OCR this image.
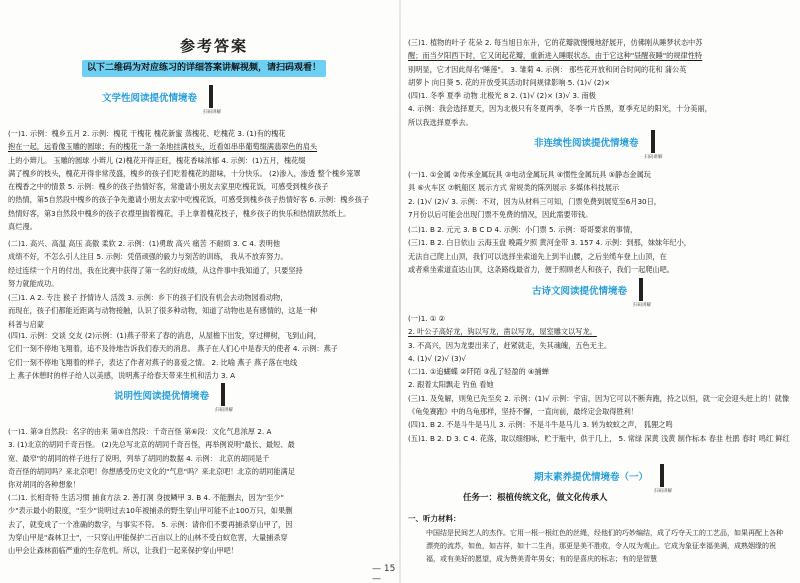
参考答案
以下二维码为对应练习的详细答案讲解视频，请扫码观看！
文学性阅读提优情境卷
扫码讲解

(一)1. 示例：槐乡五月 2. 示例：槐花 干槐花 槐花新蜜 蒸槐花、吃槐花 3. (1)有的槐花

抱在一起，远看像玉雕的圆球；有的槐花一条一条地挂满枝头，近看如串串葡萄缀满翡翠色的肩头

上的小辫儿。 玉雕的圆球 小辫儿 (2)槐花开得正旺，槐花香味浓郁 4. 示例：(1)五月，槐花缀

满了槐乡的枝头，槐花开得非常茂盛，槐乡的孩子们吃着槐花的甜味，十分快乐。 (2)渗入，渗透 整个槐乡笼罩

在槐香之中的情景 5. 示例：槐乡的孩子热情好客，常邀请小朋友去家里吃槐花饭，可感受到槐乡孩子

的热情，第5自然段中槐乡的孩子争先邀请小朋友去家中吃槐花饭，可感受到槐乡孩子热情好客 6. 示例：槐乡孩子

热情好客，第3自然段中槐乡的孩子衣襟里揣着槐花，手上拿着槐花枝子，槐乡孩子的快乐和热情跃然纸上。

真烂漫。

(二)1. 高兴、高温 高压 高傲 柔软 2. 示例：(1)勇敢 高兴 痛苦 不耐烦 3. C 4. 表明他

成绩不好，不怎么引人注目 5. 示例：凭借顽强的毅力与刻苦的训练， 我从不放弃努力。

经过连续一个月的付出，我在比赛中获得了第一名的好成绩，从这件事中我知道了，只要坚持

努力就能成功。

(三)1. A 2. 专注 猴子 抒情诗人 活泼 3. 示例：乡下的孩子们没有机会去动物园看动物，

而现在，孩子们都能近距离与动物接触，认识了很多种动物，知道了动物也是有感情的，这是一种

科普与启蒙

(四)1. 示例：交谈 交友 (2)示例：(1)燕子带来了春的消息，从屋檐下出发，穿过柳树，飞到山间，

它们一刻不停地飞翔着，追不及待地告诉我们春天的消息。 燕子在人们心中是春天的使者 4. 示例：燕子

它们一刻不停地飞翔着的样子，表达了作者对燕子的喜爱之情。 2. 比喻 燕子 燕子落在电线

上 燕子休憩时的样子给人以美感，说明燕子给春天带来生机和活力 3. A

说明性阅读提优情境卷
扫码讲解

(一)1. 第③自然段：名字的由来 第⑤自然段：千奇百怪 第⑥段：文化气息浓厚 2. A

3. (1)北京的胡同千奇百怪。 (2)先总写北京的胡同千奇百怪，再举例说明"最长、最短、最

宽、最窄"的胡同的样子进行了说明，列举了胡同的数据 4. 示例： 北京的胡同是千

奇百怪的胡同吗？来北京吧！你想感受历史文化的"气息"吗？来北京吧！北京的胡同能满足

你对胡同的各种想象！

(二)1. 长相奇特 生活习惯 捕食方法 2. 善打洞 身披鳞甲 3. B 4. 不能删去，因为"至少"

少"表示最小的限度，"至少"说明过去10年被捕杀的野生穿山甲可能不止100万只，如果删

去了，就变成了一个准确的数字，与事实不符。 5. 示例：请你们不要再捕杀穿山甲了，因

为穿山甲是"森林卫士"，一只穿山甲能保护二百亩以上的山林不受白蚁危害，大量捕杀穿

山甲会让森林面临严重的生存危机。所以，让我们一起来保护穿山甲吧！

— 15 —

(三)1. 植物的叶子 花朵 2. 每当旭日东升，它的花瓣就慢慢地舒展开，仿佛刚从睡梦状态中苏

醒；而当夕阳西下时，它又闭起花瓣，重新进入睡眠状态。由于它这种"昼醒夜睡"的规律性特

别明显，它才因此得名"睡莲"。 3. 雏菊 4. 示例： 那些花开放和闭合时间的花和 蒲公英

胡萝卜 向日葵 5. 花的开放受其活动时间规律影响 5. (1)√ (2)×

(四)1. 冬季 夏季 动物 北极光 8 2. (1)√ (2)× (3)√ 3. 南极

4. 示例：我会选择夏天，因为北极只有冬夏两季，冬季一片昏黑，夏季充足的阳光，十分美丽，

所以我选择夏季去。

非连续性阅读提优情境卷
扫码讲解

(一)1. ①金属 ②传承金属玩具 ③电动金属玩具 ④惯性金属玩具 ⑤静态金属玩

具 ⑥火车区 ⑦帆船区 展示方式 常规类的陈列展示 多媒体科技展示

2. (1)√ (2)√ 3. 示例：不对，因为从材料三可知，门票免费到展览至6月30日，

7月份以后可能会出现门票不免费的情况，因此需要带钱。

(二)1. B 2. 元元 3. B C D 4. 示例：小门票 5. 示例：哥哥要求的事情，

(三)1. B 2. 白日依山 云海玉盘 晚霞夕照 黄河金带 3. 157 4. 示例：到那，妹妹年纪小，

无法自己爬上山顶，我们可以选择坐索道先上到半山腰，之后坐缆车登上山顶，在

或者乘坐索道直达山顶，这条路线最省力，便于照顾老人和孩子，我们一起爬山吧。

古诗文阅读提优情境卷
扫码讲解

(一)1. ① ②

2. 叶公子高好龙，钩以写龙，凿以写龙，屋室雕文以写龙。

3. 不高兴，因为龙要出来了，赶紧就走，失其魂魄，五色无主。

4. (1)√ (2)√ (3)√

(二)1. ①追蝴蝶 ②阡陌 ③乱了轻盈的 ④捕蝉

2. 跟着太阳飘走 钓鱼 看她

(三)1. 及兔解，则兔已先至矣 2. 示例：(1)√ 示例：宇宙，因为它可以不断奔跑，持之以恒，就一定会迎头赶上的！就像《龟兔赛跑》中的乌龟那样，坚持不懈，一直向前，最终定会取得胜利！

(四)1. B 2. 不是斗牛是马儿 3. 示例：不是斗牛是马儿 3. 转为蚊蚁之声， 狐狸之鸣

(五)1. B 2. D 3. C 4. 花落，取以细细咏，贮于瓶中，供于几上， 5. 常绿 深黄 浅黄 制作标本 春韭 杜鹃 春时 鸣红 鲜红

期末素养提优情境卷（一）
扫码讲解
任务一：根植传统文化，做文化传承人
一、听力材料：
中国结是民间艺人的杰作。它用一根一根红色的丝绳，经他们的巧妙编结，成了巧夺天工的工艺品，如果再配上各种漂亮的流苏，如鱼，如吉祥，如十二生肖，那更是美不胜收，令人叹为观止。它成为象征幸福美满，成熟姻缘的祝福，或有美好的愿望，成为赞美青年男女；有的是喜庆的标志；有的是智慧
